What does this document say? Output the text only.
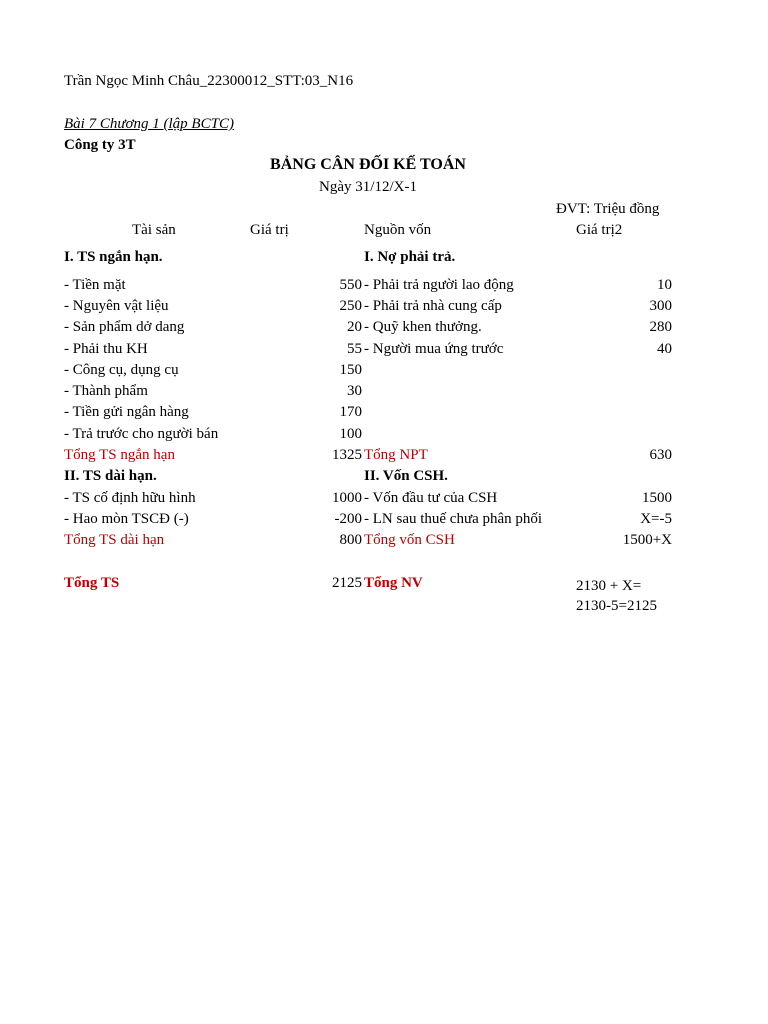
Trần Ngọc Minh Châu_22300012_STT:03_N16
Bài 7 Chương 1 (lập BCTC)
Công ty 3T
BẢNG CÂN ĐỐI KẾ TOÁN
Ngày 31/12/X-1
ĐVT: Triệu đồng
Tài sản	Giá trị	Nguồn vốn	Giá trị2
I. TS ngắn hạn.	I. Nợ phải trả.
- Tiền mặt	550 - Phải trả người lao động	10
- Nguyên vật liệu	250 - Phải trả nhà cung cấp	300
- Sản phẩm dở dang	20 - Quỹ khen thưởng.	280
- Phải thu KH	55 - Người mua ứng trước	40
- Công cụ, dụng cụ	150
- Thành phẩm	30
- Tiền gửi ngân hàng	170
- Trả trước cho người bán	100
Tổng TS ngắn hạn	1325 Tổng NPT	630
II. TS dài hạn.	II. Vốn CSH.
- TS cố định hữu hình	1000 - Vốn đầu tư của CSH	1500
- Hao mòn TSCĐ (-)	-200 - LN sau thuế chưa phân phối	X=-5
Tổng TS dài hạn	800 Tổng vốn CSH	1500+X
Tổng TS	2125 Tổng NV	2130 + X=
2130-5=2125
